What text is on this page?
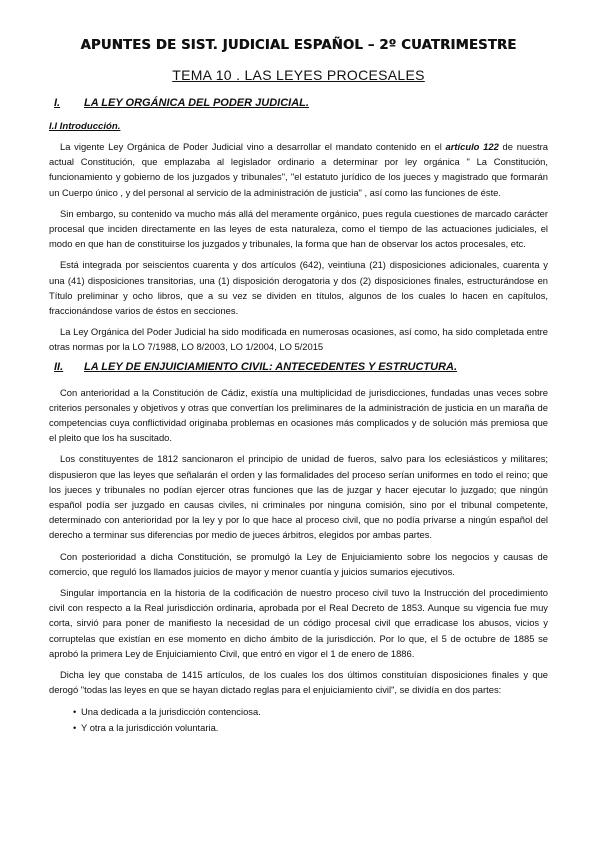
APUNTES DE SIST. JUDICIAL ESPAÑOL – 2º CUATRIMESTRE
TEMA 10 . LAS LEYES PROCESALES
I.	LA LEY ORGÁNICA DEL PODER JUDICIAL.
I.I Introducción.

La vigente Ley Orgánica de Poder Judicial vino a desarrollar el mandato contenido en el artículo 122 de nuestra actual Constitución, que emplazaba al legislador ordinario a determinar por ley orgánica " La Constitución, funcionamiento y gobierno de los juzgados y tribunales", "el estatuto jurídico de los jueces y magistrado que formarán un Cuerpo único , y del personal al servicio de la administración de justicia" , así como las funciones de éste.

Sin embargo, su contenido va mucho más allá del meramente orgánico, pues regula cuestiones de marcado carácter procesal que inciden directamente en las leyes de esta naturaleza, como el tiempo de las actuaciones judiciales, el modo en que han de constituirse los juzgados y tribunales, la forma que han de observar los actos procesales, etc.

Está integrada por seiscientos cuarenta y dos artículos (642), veintiuna (21) disposiciones adicionales, cuarenta y una (41) disposiciones transitorias, una (1) disposición derogatoria y dos (2) disposiciones finales, estructurándose en Título preliminar y ocho libros, que a su vez se dividen en títulos, algunos de los cuales lo hacen en capítulos, fraccionándose varios de éstos en secciones.

La Ley Orgánica del Poder Judicial ha sido modificada en numerosas ocasiones, así como, ha sido completada entre otras normas por la LO 7/1988, LO 8/2003, LO 1/2004, LO 5/2015

II.	LA LEY DE ENJUICIAMIENTO CIVIL: ANTECEDENTES Y ESTRUCTURA.

Con anterioridad a la Constitución de Cádiz, existía una multiplicidad de jurisdicciones, fundadas unas veces sobre criterios personales y objetivos y otras que convertían los preliminares de la administración de justicia en un maraña de competencias cuya conflictividad originaba problemas en ocasiones más complicados y de solución más premiosa que el pleito que los ha suscitado.

Los constituyentes de 1812 sancionaron el principio de unidad de fueros, salvo para los eclesiásticos y militares; dispusieron que las leyes que señalarán el orden y las formalidades del proceso serían uniformes en todo el reino; que los jueces y tribunales no podían ejercer otras funciones que las de juzgar y hacer ejecutar lo juzgado; que ningún español podía ser juzgado en causas civiles, ni criminales por ninguna comisión, sino por el tribunal competente, determinado con anterioridad por la ley y por lo que hace al proceso civil, que no podía privarse a ningún español del derecho a terminar sus diferencias por medio de jueces árbitros, elegidos por ambas partes.

Con posterioridad a dicha Constitución, se promulgó la Ley de Enjuiciamiento sobre los negocios y causas de comercio, que reguló los llamados juicios de mayor y menor cuantía y juicios sumarios ejecutivos.

Singular importancia en la historia de la codificación de nuestro proceso civil tuvo la Instrucción del procedimiento civil con respecto a la Real jurisdicción ordinaria, aprobada por el Real Decreto de 1853. Aunque su vigencia fue muy corta, sirvió para poner de manifiesto la necesidad de un código procesal civil que erradicase los abusos, vicios y corruptelas que existían en ese momento en dicho ámbito de la jurisdicción. Por lo que, el 5 de octubre de 1885 se aprobó la primera Ley de Enjuiciamiento Civil, que entró en vigor el 1 de enero de 1886.

Dicha ley que constaba de 1415 artículos, de los cuales los dos últimos constituían disposiciones finales y que derogó "todas las leyes en que se hayan dictado reglas para el enjuiciamiento civil", se dividía en dos partes:

• Una dedicada a la jurisdicción contenciosa.
• Y otra a la jurisdicción voluntaria.
